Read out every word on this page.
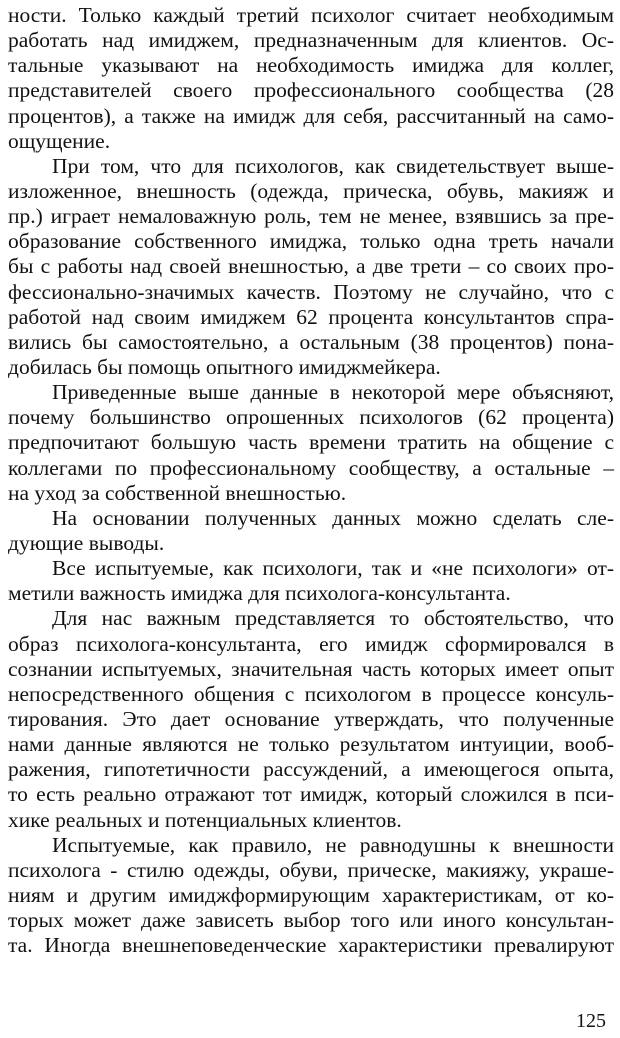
ности. Только каждый третий психолог считает необходимым
работать над имиджем, предназначенным для клиентов. Ос-
тальные указывают на необходимость имиджа для коллег,
представителей своего профессионального сообщества (28
процентов), а также на имидж для себя, рассчитанный на само-
ощущение.
При том, что для психологов, как свидетельствует выше-
изложенное, внешность (одежда, прическа, обувь, макияж и
пр.) играет немаловажную роль, тем не менее, взявшись за пре-
образование собственного имиджа, только одна треть начали
бы с работы над своей внешностью, а две трети – со своих про-
фессионально-значимых качеств. Поэтому не случайно, что с
работой над своим имиджем 62 процента консультантов спра-
вились бы самостоятельно, а остальным (38 процентов) пона-
добилась бы помощь опытного имиджмейкера.
Приведенные выше данные в некоторой мере объясняют,
почему большинство опрошенных психологов (62 процента)
предпочитают большую часть времени тратить на общение с
коллегами по профессиональному сообществу, а остальные –
на уход за собственной внешностью.
На основании полученных данных можно сделать сле-
дующие выводы.
Все испытуемые, как психологи, так и «не психологи» от-
метили важность имиджа для психолога-консультанта.
Для нас важным представляется то обстоятельство, что
образ психолога-консультанта, его имидж сформировался в
сознании испытуемых, значительная часть которых имеет опыт
непосредственного общения с психологом в процессе консуль-
тирования. Это дает основание утверждать, что полученные
нами данные являются не только результатом интуиции, вооб-
ражения, гипотетичности рассуждений, а имеющегося опыта,
то есть реально отражают тот имидж, который сложился в пси-
хике реальных и потенциальных клиентов.
Испытуемые, как правило, не равнодушны к внешности
психолога - стилю одежды, обуви, прическе, макияжу, украше-
ниям и другим имиджформирующим характеристикам, от ко-
торых может даже зависеть выбор того или иного консультан-
та. Иногда внешнеповеденческие характеристики превалируют
125
